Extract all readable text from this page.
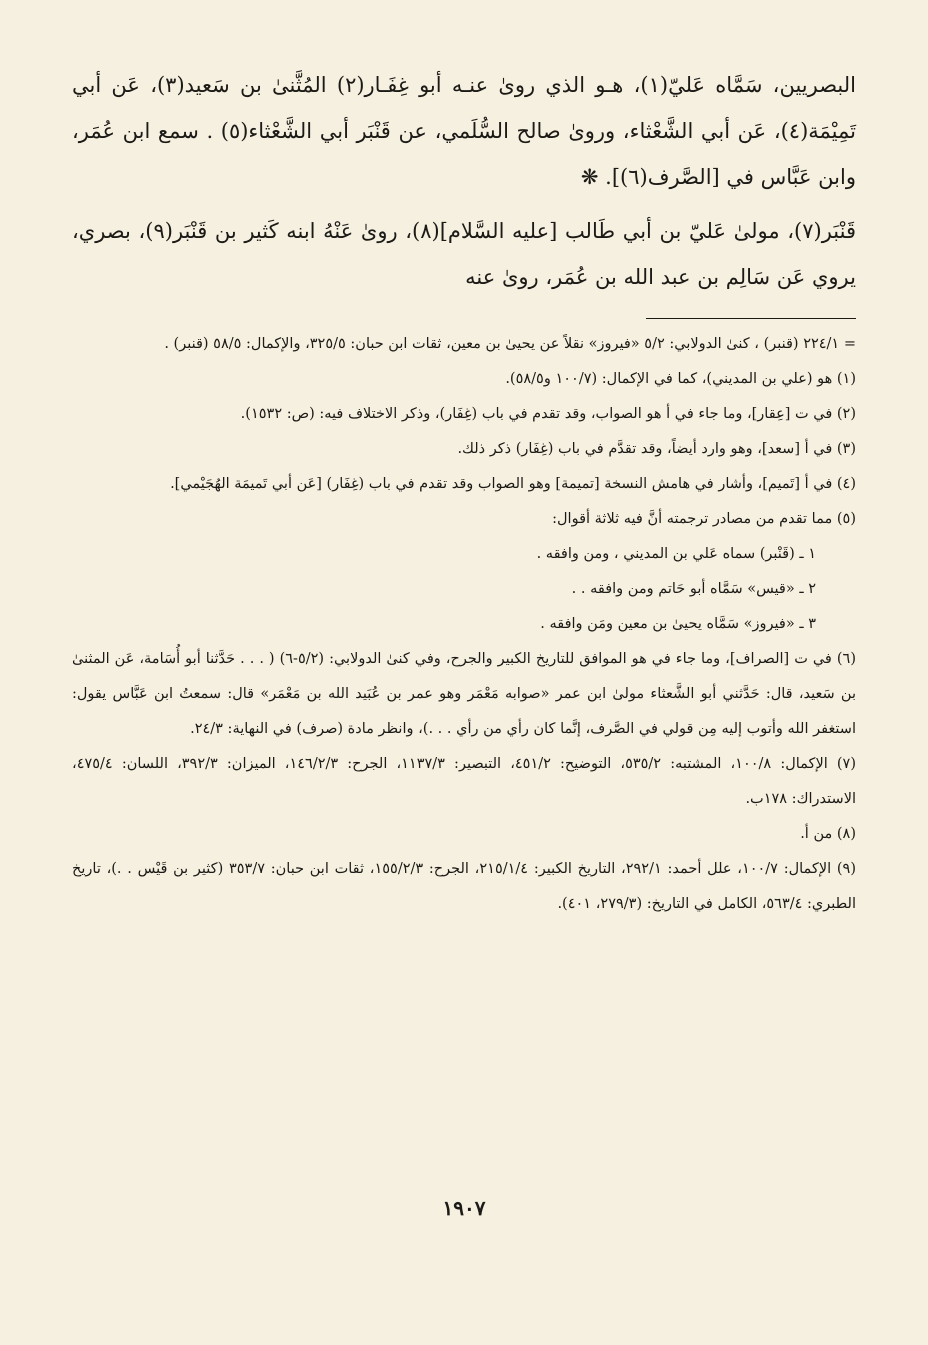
البصريين، سَمَّاه عَليّ(١)، هـو الذي روىٰ عنـه أبو غِفَـار(٢) المُثَّنىٰ بن سَعيد(٣)، عَن أبي تَمِيْمَة(٤)، عَن أبي الشَّعْثاء، وروىٰ صالح السُّلَمي، عن قَنْبَر أبي الشَّعْثاء(٥) . سمع ابن عُمَر، وابن عَبَّاس في [الصَّرف(٦)]. ❋

قَنْبَر(٧)، مولىٰ عَليّ بن أبي طَالب [عليه السَّلام](٨)، روىٰ عَنْهُ ابنه كَثير بن قَنْبَر(٩)، بصري، يروي عَن سَالِم بن عبد الله بن عُمَر، روىٰ عنه

= ٢٢٤/١ (قنبر) ، كنىٰ الدولابي: ٥/٢ «فيروز» نقلاً عن يحيىٰ بن معين، ثقات ابن حبان: ٣٢٥/٥، والإكمال: ٥٨/٥ (قنبر) .

(١) هو (علي بن المديني)، كما في الإكمال: (١٠٠/٧ و٥٨/٥).

(٢) في ت [عِقار]، وما جاء في أ هو الصواب، وقد تقدم في باب (غِفَار)، وذكر الاختلاف فيه: (ص: ١٥٣٢).

(٣) في أ [سعد]، وهو وارد أيضاً، وقد تقدَّم في باب (غِفَار) ذكر ذلك.

(٤) في أ [تَميم]، وأشار في هامش النسخة [تميمة] وهو الصواب وقد تقدم في باب (غِفَار) [عَن أبي تَميمَة الهُجَيْمي].

(٥) مما تقدم من مصادر ترجمته أنَّ فيه ثلاثة أقوال:

١ ـ (قَنْبر) سماه عَلي بن المديني ، ومن وافقه .

٢ ـ «قيس» سَمَّاه أبو حَاتم ومن وافقه . .

٣ ـ «فيروز» سَمَّاه يحيىٰ بن معين ومَن وافقه .

(٦) في ت [الصراف]، وما جاء في هو الموافق للتاريخ الكبير والجرح، وفي كنىٰ الدولابي: (٥/٢-٦) ( . . . حَدَّثنا أبو أُسَامة، عَن المثنىٰ بن سَعيد، قال: حَدَّثني أبو الشَّعثاء مولىٰ ابن عمر «صوابه مَعْمَر وهو عمر بن عُبَيد الله بن مَعْمَر» قال: سمعتُ ابن عَبَّاس يقول: استغفر الله وأتوب إليه مِن قولي في الصَّرف، إنَّما كان رأي من رأي . . .)، وانظر مادة (صرف) في النهاية: ٢٤/٣.

(٧) الإكمال: ١٠٠/٨، المشتبه: ٥٣٥/٢، التوضيح: ٤٥١/٢، التبصير: ١١٣٧/٣، الجرح: ١٤٦/٢/٣، الميزان: ٣٩٢/٣، اللسان: ٤٧٥/٤، الاستدراك: ١٧٨ب.

(٨) من أ.

(٩) الإكمال: ١٠٠/٧، علل أحمد: ٢٩٢/١، التاريخ الكبير: ٢١٥/١/٤، الجرح: ١٥٥/٢/٣، ثقات ابن حبان: ٣٥٣/٧ (كثير بن قَيْس . .)، تاريخ الطبري: ٥٦٣/٤، الكامل في التاريخ: (٢٧٩/٣، ٤٠١).

١٩٠٧
